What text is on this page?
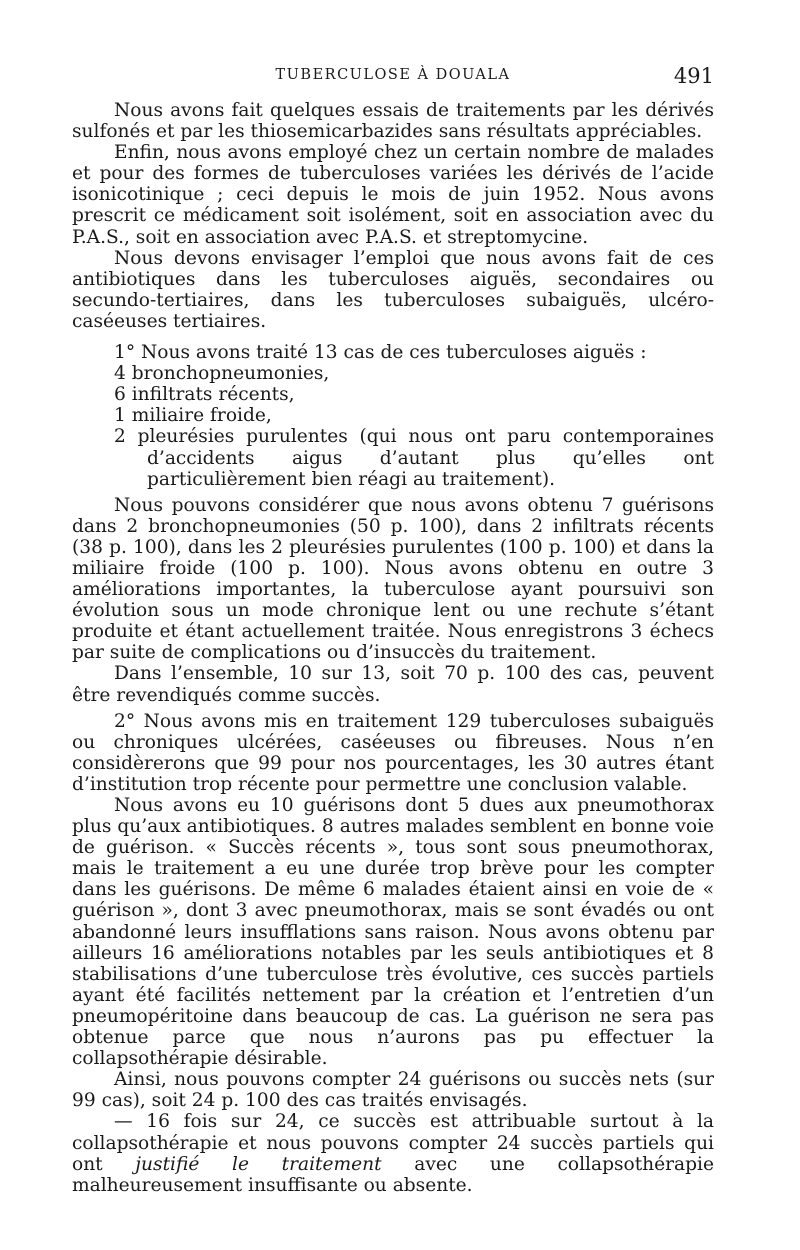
TUBERCULOSE À DOUALA	491

Nous avons fait quelques essais de traitements par les dérivés sulfonés et par les thiosemicarbazides sans résultats appréciables.

Enfin, nous avons employé chez un certain nombre de malades et pour des formes de tuberculoses variées les dérivés de l’acide isonicotinique ; ceci depuis le mois de juin 1952. Nous avons prescrit ce médicament soit isolément, soit en association avec du P.A.S., soit en association avec P.A.S. et streptomycine.

Nous devons envisager l’emploi que nous avons fait de ces antibiotiques dans les tuberculoses aiguës, secondaires ou secundo-tertiaires, dans les tuberculoses subaiguës, ulcéro-caséeuses tertiaires.

1° Nous avons traité 13 cas de ces tuberculoses aiguës :

4 bronchopneumonies,
6 infiltrats récents,
1 miliaire froide,
2 pleurésies purulentes (qui nous ont paru contemporaines d’accidents aigus d’autant plus qu’elles ont particulièrement bien réagi au traitement).

Nous pouvons considérer que nous avons obtenu 7 guérisons dans 2 bronchopneumonies (50 p. 100), dans 2 infiltrats récents (38 p. 100), dans les 2 pleurésies purulentes (100 p. 100) et dans la miliaire froide (100 p. 100). Nous avons obtenu en outre 3 améliorations importantes, la tuberculose ayant poursuivi son évolution sous un mode chronique lent ou une rechute s’étant produite et étant actuellement traitée. Nous enregistrons 3 échecs par suite de complications ou d’insuccès du traitement.

Dans l’ensemble, 10 sur 13, soit 70 p. 100 des cas, peuvent être revendiqués comme succès.

2° Nous avons mis en traitement 129 tuberculoses subaiguës ou chroniques ulcérées, caséeuses ou fibreuses. Nous n’en considèrerons que 99 pour nos pourcentages, les 30 autres étant d’institution trop récente pour permettre une conclusion valable.

Nous avons eu 10 guérisons dont 5 dues aux pneumothorax plus qu’aux antibiotiques. 8 autres malades semblent en bonne voie de guérison. « Succès récents », tous sont sous pneumothorax, mais le traitement a eu une durée trop brève pour les compter dans les guérisons. De même 6 malades étaient ainsi en voie de « guérison », dont 3 avec pneumothorax, mais se sont évadés ou ont abandonné leurs insufflations sans raison. Nous avons obtenu par ailleurs 16 améliorations notables par les seuls antibiotiques et 8 stabilisations d’une tuberculose très évolutive, ces succès partiels ayant été facilités nettement par la création et l’entretien d’un pneumopéritoine dans beaucoup de cas. La guérison ne sera pas obtenue parce que nous n’aurons pas pu effectuer la collapsothérapie désirable.

Ainsi, nous pouvons compter 24 guérisons ou succès nets (sur 99 cas), soit 24 p. 100 des cas traités envisagés.

— 16 fois sur 24, ce succès est attribuable surtout à la collapsothérapie et nous pouvons compter 24 succès partiels qui ont justifié le traitement avec une collapsothérapie malheureusement insuffisante ou absente.
